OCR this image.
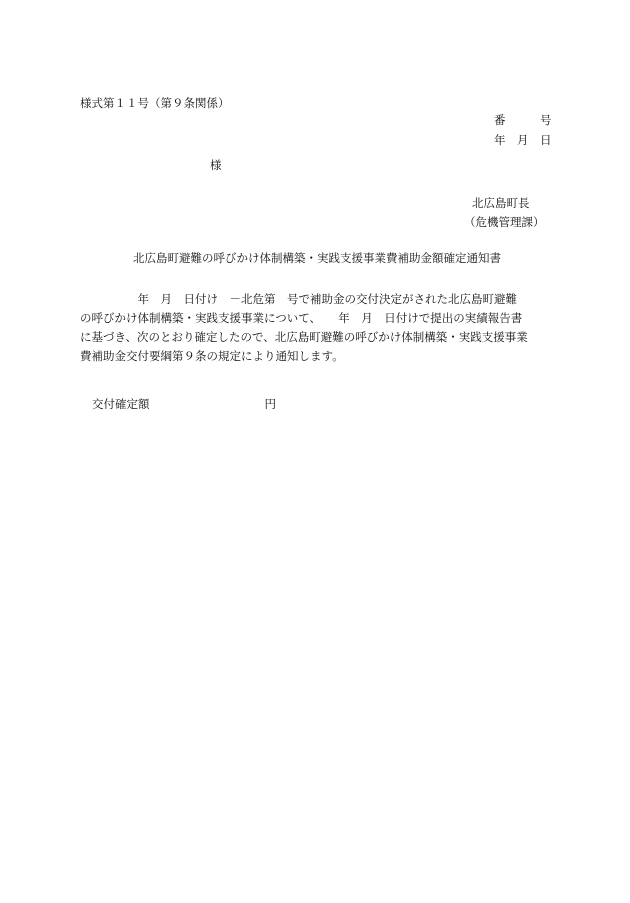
様式第１１号（第９条関係）
番　　　号
年　月　日
様
北広島町長
（危機管理課）
北広島町避難の呼びかけ体制構築・実践支援事業費補助金額確定通知書
　　　　　年　月　日付け　－北危第　号で補助金の交付決定がされた北広島町避難
の呼びかけ体制構築・実践支援事業について、　　年　月　日付けで提出の実績報告書
に基づき、次のとおり確定したので、北広島町避難の呼びかけ体制構築・実践支援事業
費補助金交付要綱第９条の規定により通知します。
交付確定額　　　　　　　　　　円
